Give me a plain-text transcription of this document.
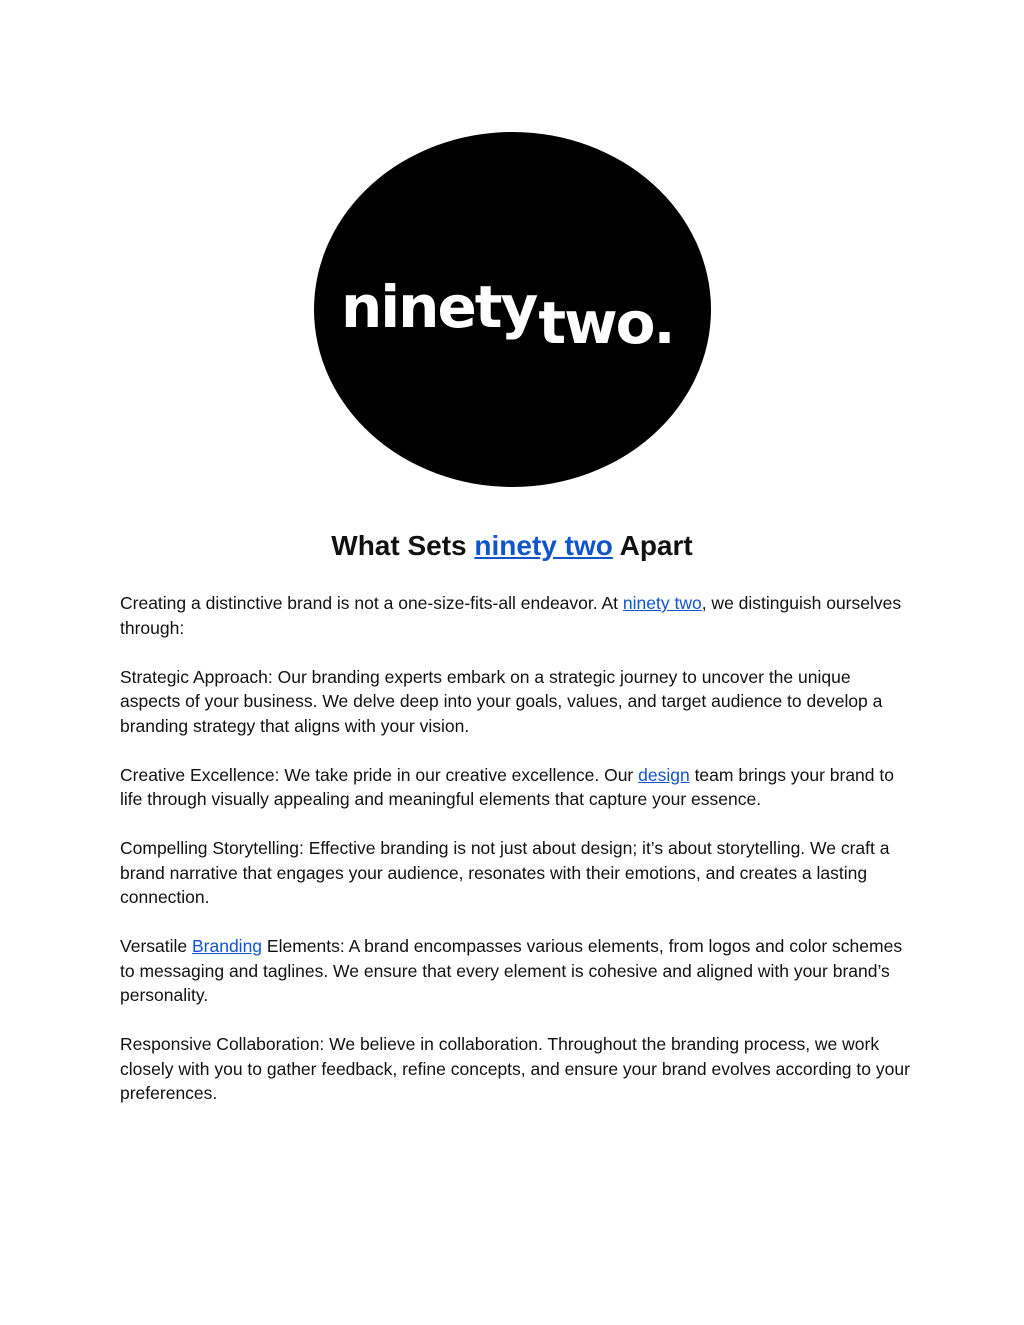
ninetytwo.
What Sets ninety two Apart

Creating a distinctive brand is not a one-size-fits-all endeavor. At ninety two, we distinguish ourselves through:

Strategic Approach: Our branding experts embark on a strategic journey to uncover the unique aspects of your business. We delve deep into your goals, values, and target audience to develop a branding strategy that aligns with your vision.

Creative Excellence: We take pride in our creative excellence. Our design team brings your brand to life through visually appealing and meaningful elements that capture your essence.

Compelling Storytelling: Effective branding is not just about design; it’s about storytelling. We craft a brand narrative that engages your audience, resonates with their emotions, and creates a lasting connection.

Versatile Branding Elements: A brand encompasses various elements, from logos and color schemes to messaging and taglines. We ensure that every element is cohesive and aligned with your brand’s personality.

Responsive Collaboration: We believe in collaboration. Throughout the branding process, we work closely with you to gather feedback, refine concepts, and ensure your brand evolves according to your preferences.
